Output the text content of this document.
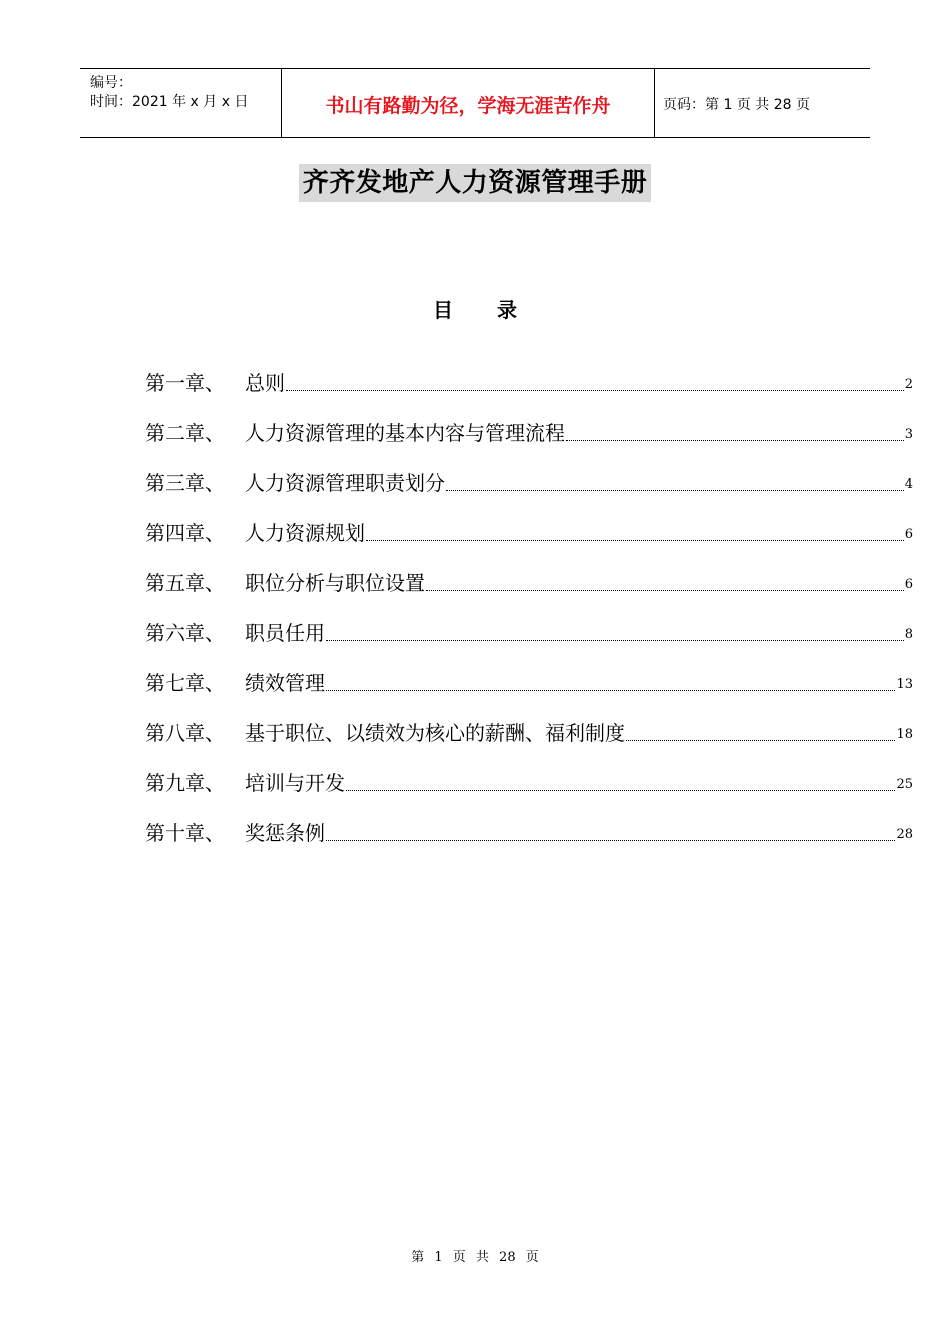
编号：
时间：2021 年 x 月 x 日	书山有路勤为径，学海无涯苦作舟	页码：第 1 页 共 28 页
齐齐发地产人力资源管理手册
目 录
第一章、	总则	2
第二章、	人力资源管理的基本内容与管理流程	3
第三章、	人力资源管理职责划分	4
第四章、	人力资源规划	6
第五章、	职位分析与职位设置	6
第六章、	职员任用	8
第七章、	绩效管理	13
第八章、	基于职位、以绩效为核心的薪酬、福利制度	18
第九章、	培训与开发	25
第十章、	奖惩条例	28
第 1 页 共 28 页
